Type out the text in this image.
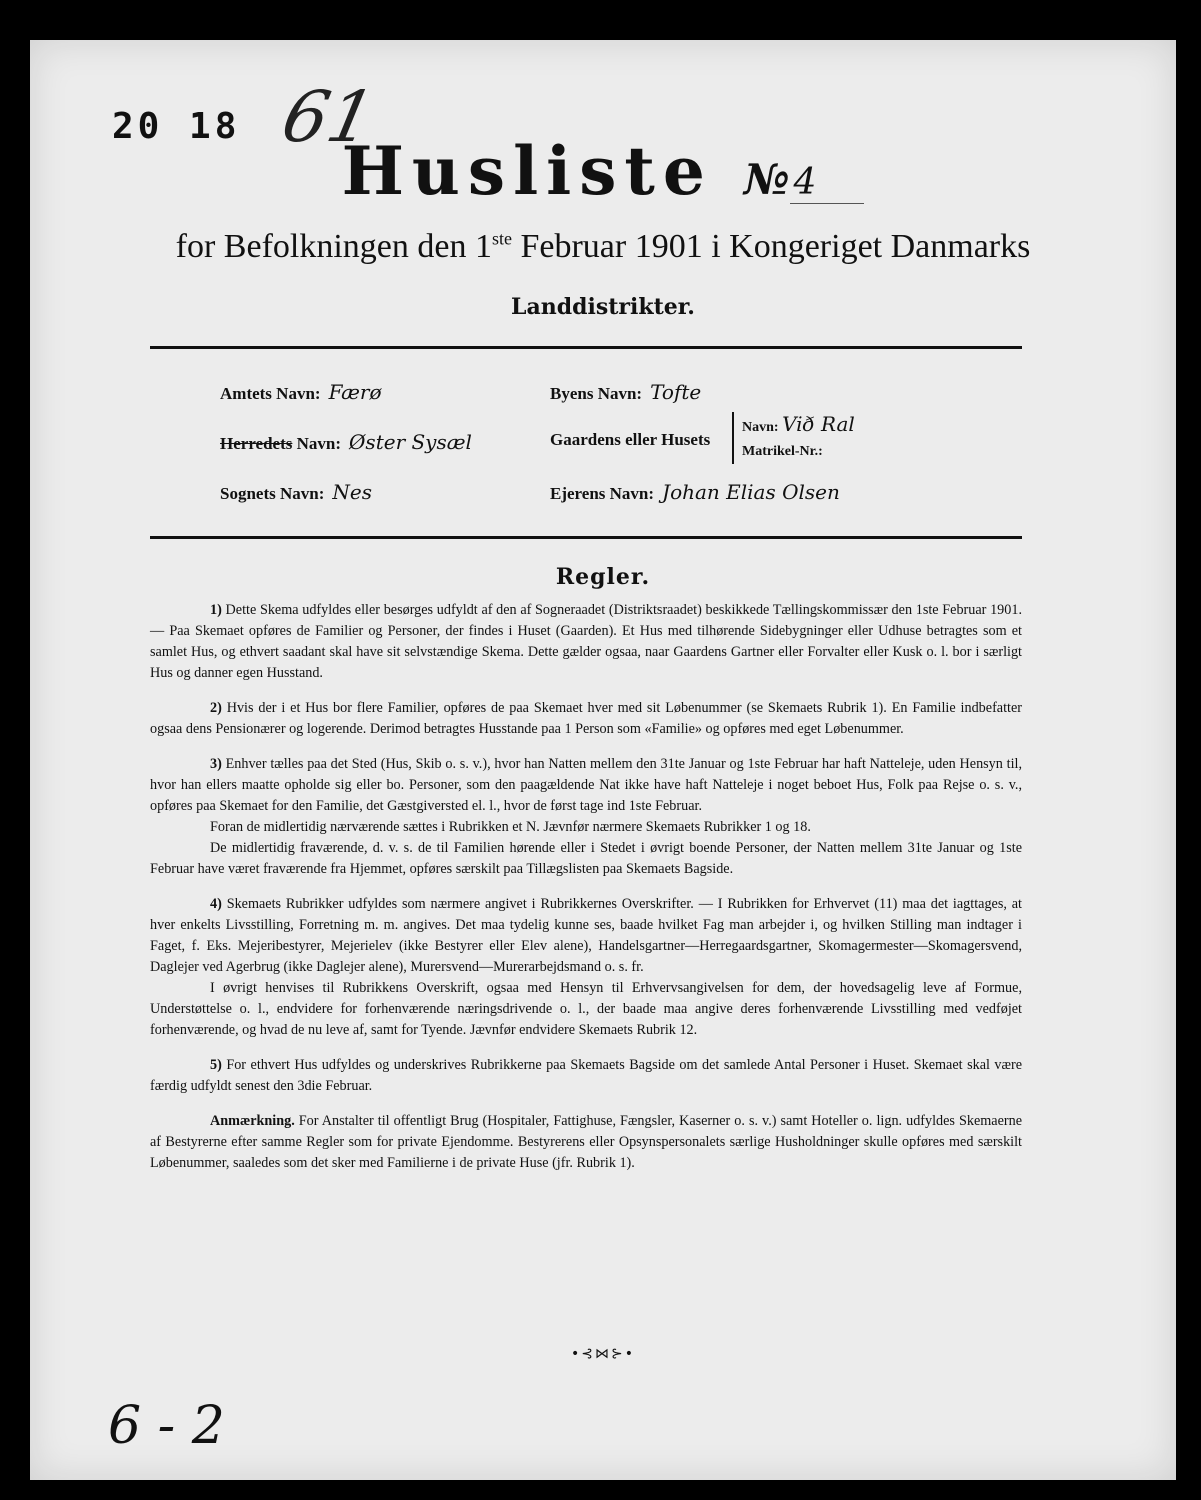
20 18 61
Husliste № 4
for Befolkningen den 1ste Februar 1901 i Kongeriget Danmarks
Landdistrikter.
Amtets Navn: Færø
Herredets Navn: Øster Sysæl
Sognets Navn: Nes
Byens Navn: Tofte
Gaardens eller Husets
Navn: Við Ral
Matrikel-Nr.:
Ejerens Navn: Johan Elias Olsen
Regler.

1) Dette Skema udfyldes eller besørges udfyldt af den af Sogneraadet (Distriktsraadet) beskikkede Tællingskommissær den 1ste Februar 1901. — Paa Skemaet opføres de Familier og Personer, der findes i Huset (Gaarden). Et Hus med tilhørende Sidebygninger eller Udhuse betragtes som et samlet Hus, og ethvert saadant skal have sit selvstændige Skema. Dette gælder ogsaa, naar Gaardens Gartner eller Forvalter eller Kusk o. l. bor i særligt Hus og danner egen Husstand.

2) Hvis der i et Hus bor flere Familier, opføres de paa Skemaet hver med sit Løbenummer (se Skemaets Rubrik 1). En Familie indbefatter ogsaa dens Pensionærer og logerende. Derimod betragtes Husstande paa 1 Person som «Familie» og opføres med eget Løbenummer.

3) Enhver tælles paa det Sted (Hus, Skib o. s. v.), hvor han Natten mellem den 31te Januar og 1ste Februar har haft Natteleje, uden Hensyn til, hvor han ellers maatte opholde sig eller bo. Personer, som den paagældende Nat ikke have haft Natteleje i noget beboet Hus, Folk paa Rejse o. s. v., opføres paa Skemaet for den Familie, det Gæstgiversted el. l., hvor de først tage ind 1ste Februar.

Foran de midlertidig nærværende sættes i Rubrikken et N. Jævnfør nærmere Skemaets Rubrikker 1 og 18.

De midlertidig fraværende, d. v. s. de til Familien hørende eller i Stedet i øvrigt boende Personer, der Natten mellem 31te Januar og 1ste Februar have været fraværende fra Hjemmet, opføres særskilt paa Tillægslisten paa Skemaets Bagside.

4) Skemaets Rubrikker udfyldes som nærmere angivet i Rubrikkernes Overskrifter. — I Rubrikken for Erhvervet (11) maa det iagttages, at hver enkelts Livsstilling, Forretning m. m. angives. Det maa tydelig kunne ses, baade hvilket Fag man arbejder i, og hvilken Stilling man indtager i Faget, f. Eks. Mejeribestyrer, Mejerielev (ikke Bestyrer eller Elev alene), Handelsgartner—Herregaardsgartner, Skomagermester—Skomagersvend, Daglejer ved Agerbrug (ikke Daglejer alene), Murersvend—Murerarbejdsmand o. s. fr.

I øvrigt henvises til Rubrikkens Overskrift, ogsaa med Hensyn til Erhvervsangivelsen for dem, der hovedsagelig leve af Formue, Understøttelse o. l., endvidere for forhenværende næringsdrivende o. l., der baade maa angive deres forhenværende Livsstilling med vedføjet forhenværende, og hvad de nu leve af, samt for Tyende. Jævnfør endvidere Skemaets Rubrik 12.

5) For ethvert Hus udfyldes og underskrives Rubrikkerne paa Skemaets Bagside om det samlede Antal Personer i Huset. Skemaet skal være færdig udfyldt senest den 3die Februar.

Anmærkning. For Anstalter til offentligt Brug (Hospitaler, Fattighuse, Fængsler, Kaserner o. s. v.) samt Hoteller o. lign. udfyldes Skemaerne af Bestyrerne efter samme Regler som for private Ejendomme. Bestyrerens eller Opsynspersonalets særlige Husholdninger skulle opføres med særskilt Løbenummer, saaledes som det sker med Familierne i de private Huse (jfr. Rubrik 1).

•⊰⋈⊱•
6 - 2
